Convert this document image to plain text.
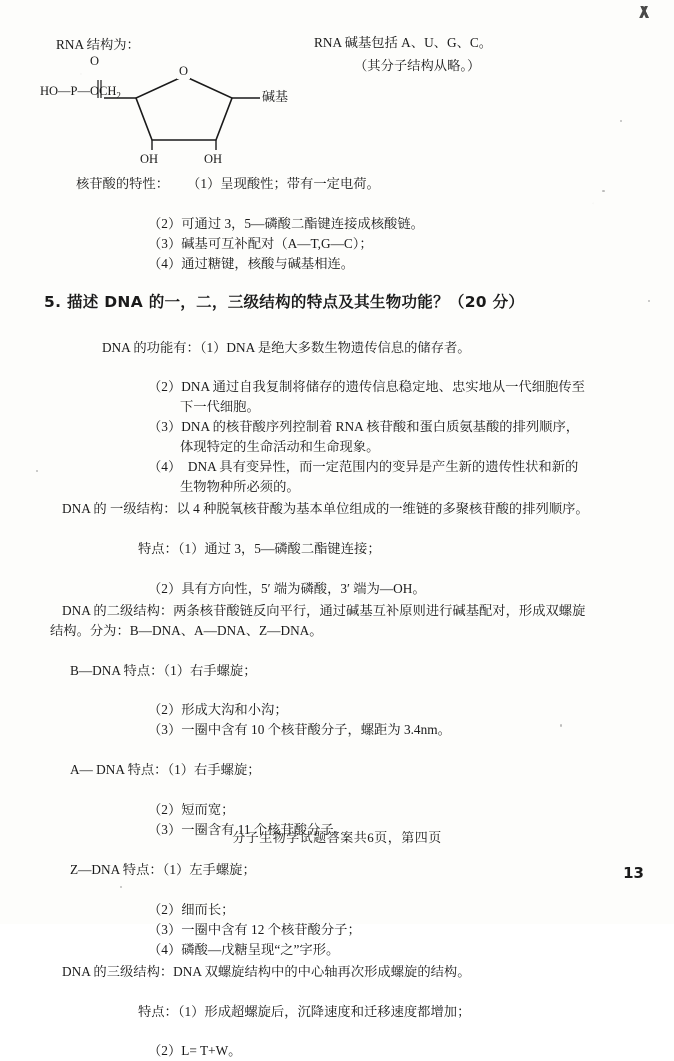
RNA 结构为：	RNA 碱基包括 A、U、G、C。
（其分子结构从略。）
$HO—P—OCH_2$
O
O
碱基
OH	OH

核苷酸的特性： （1）呈现酸性；带有一定电荷。

（2）可通过 3，5—磷酸二酯键连接成核酸链。
（3）碱基可互补配对（A—T,G—C）；
（4）通过糖键，核酸与碱基相连。
5. 描述 DNA 的一，二，三级结构的特点及其生物功能？（20 分）

DNA 的功能有：（1）DNA 是绝大多数生物遗传信息的储存者。

（2）DNA 通过自我复制将储存的遗传信息稳定地、忠实地从一代细胞传至
下一代细胞。
（3）DNA 的核苷酸序列控制着 RNA 核苷酸和蛋白质氨基酸的排列顺序，
体现特定的生命活动和生命现象。
（4）  DNA 具有变异性，而一定范围内的变异是产生新的遗传性状和新的
生物物种所必须的。
DNA 的 一级结构：以 4 种脱氧核苷酸为基本单位组成的一维链的多聚核苷酸的排列顺序。

特点：（1）通过 3，5—磷酸二酯键连接；

（2）具有方向性，5′ 端为磷酸，3′ 端为—OH。
DNA 的二级结构：两条核苷酸链反向平行，通过碱基互补原则进行碱基配对，形成双螺旋
结构。分为：B—DNA、A—DNA、Z—DNA。

B—DNA 特点：（1）右手螺旋；

（2）形成大沟和小沟；
（3）一圈中含有 10 个核苷酸分子，螺距为 3.4nm。

A— DNA 特点：（1）右手螺旋；

（2）短而宽；
（3）一圈含有 11 个核苷酸分子。

Z—DNA 特点：（1）左手螺旋；

（2）细而长；
（3）一圈中含有 12 个核苷酸分子；
（4）磷酸—戊糖呈现“之”字形。
DNA 的三级结构：DNA 双螺旋结构中的中心轴再次形成螺旋的结构。

特点：（1）形成超螺旋后，沉降速度和迁移速度都增加；

（2）L= T+W。
分子生物学试题答案共6页，第四页
13
